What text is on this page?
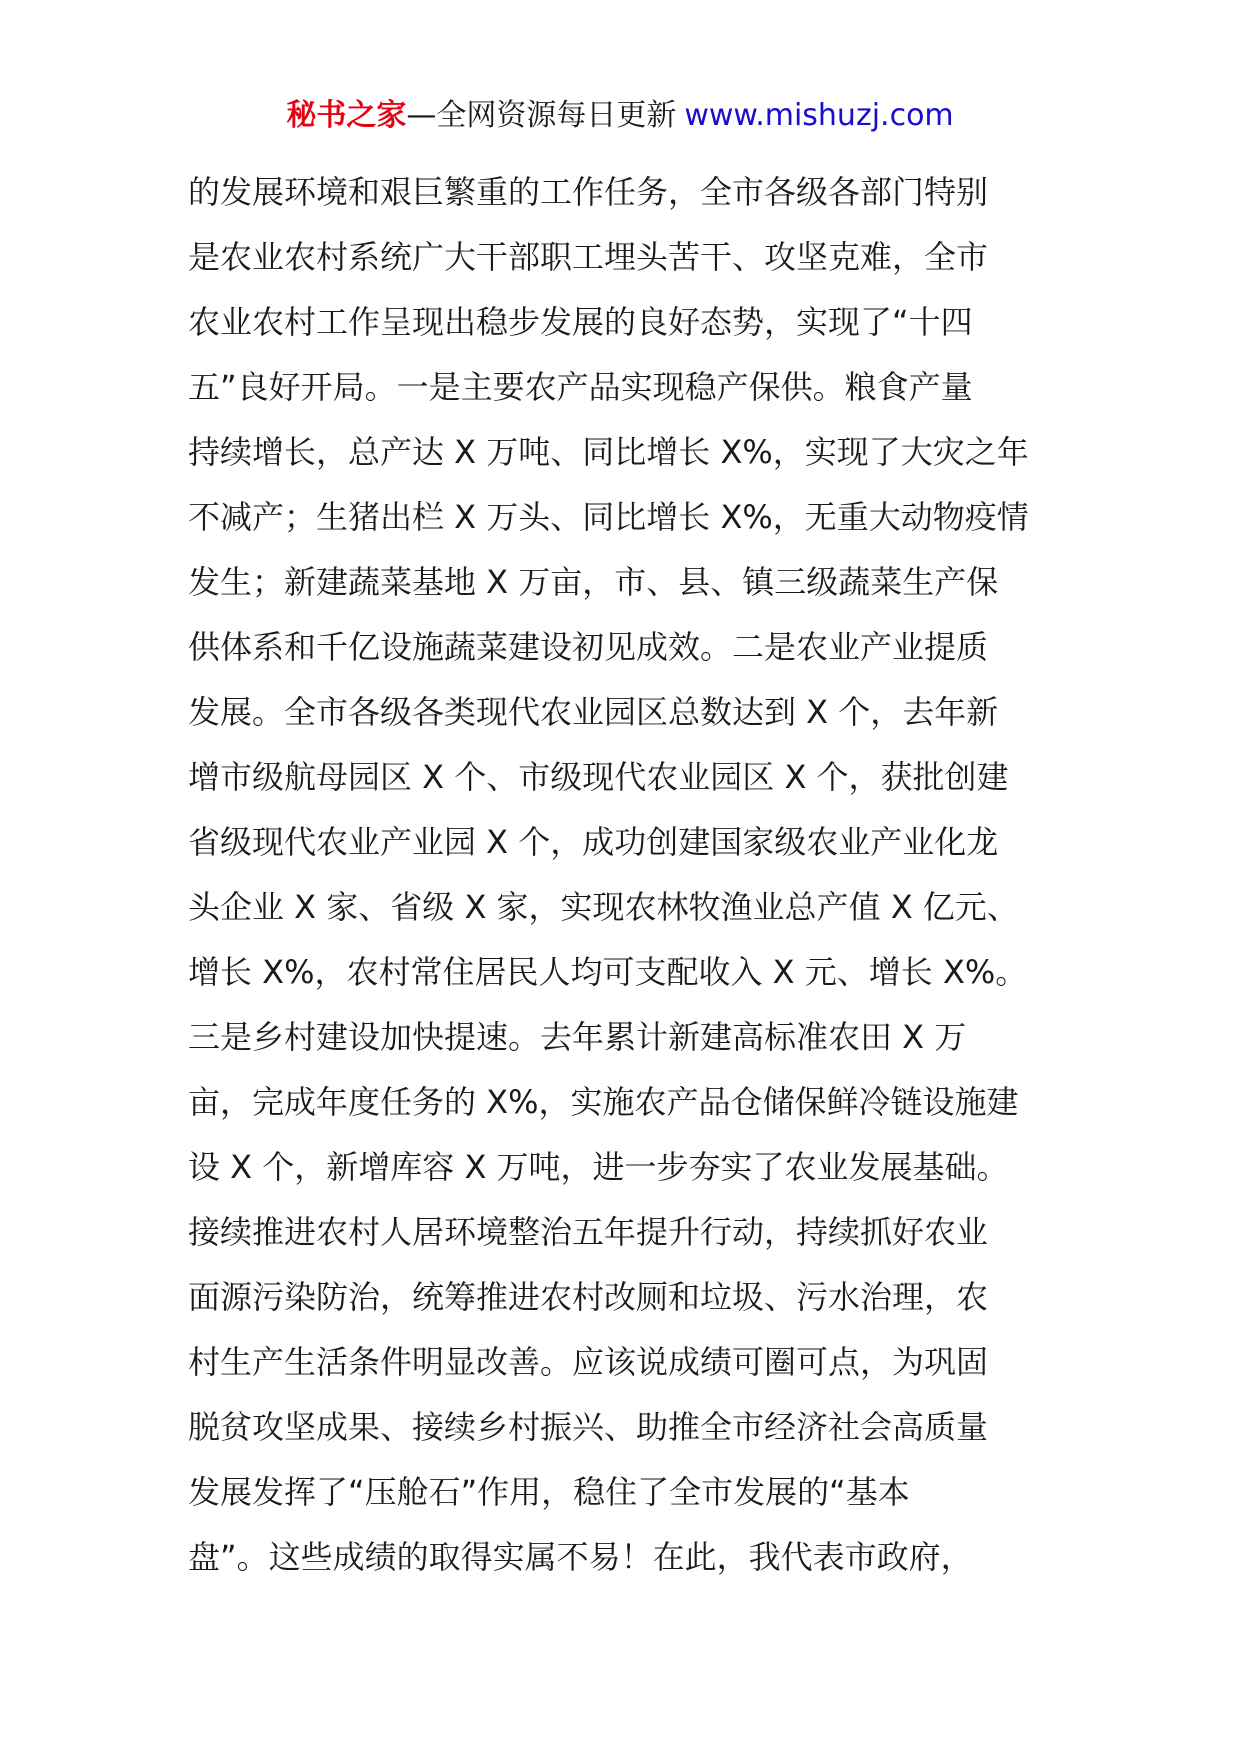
秘书之家—全网资源每日更新 www.mishuzj.com
的发展环境和艰巨繁重的工作任务，全市各级各部门特别
是农业农村系统广大干部职工埋头苦干、攻坚克难，全市
农业农村工作呈现出稳步发展的良好态势，实现了“十四
五”良好开局。一是主要农产品实现稳产保供。粮食产量
持续增长，总产达 X 万吨、同比增长 X%，实现了大灾之年
不减产；生猪出栏 X 万头、同比增长 X%，无重大动物疫情
发生；新建蔬菜基地 X 万亩，市、县、镇三级蔬菜生产保
供体系和千亿设施蔬菜建设初见成效。二是农业产业提质
发展。全市各级各类现代农业园区总数达到 X 个，去年新
增市级航母园区 X 个、市级现代农业园区 X 个，获批创建
省级现代农业产业园 X 个，成功创建国家级农业产业化龙
头企业 X 家、省级 X 家，实现农林牧渔业总产值 X 亿元、
增长 X%，农村常住居民人均可支配收入 X 元、增长 X%。
三是乡村建设加快提速。去年累计新建高标准农田 X 万
亩，完成年度任务的 X%，实施农产品仓储保鲜冷链设施建
设 X 个，新增库容 X 万吨，进一步夯实了农业发展基础。
接续推进农村人居环境整治五年提升行动，持续抓好农业
面源污染防治，统筹推进农村改厕和垃圾、污水治理，农
村生产生活条件明显改善。应该说成绩可圈可点，为巩固
脱贫攻坚成果、接续乡村振兴、助推全市经济社会高质量
发展发挥了“压舱石”作用，稳住了全市发展的“基本
盘”。这些成绩的取得实属不易！在此，我代表市政府，
